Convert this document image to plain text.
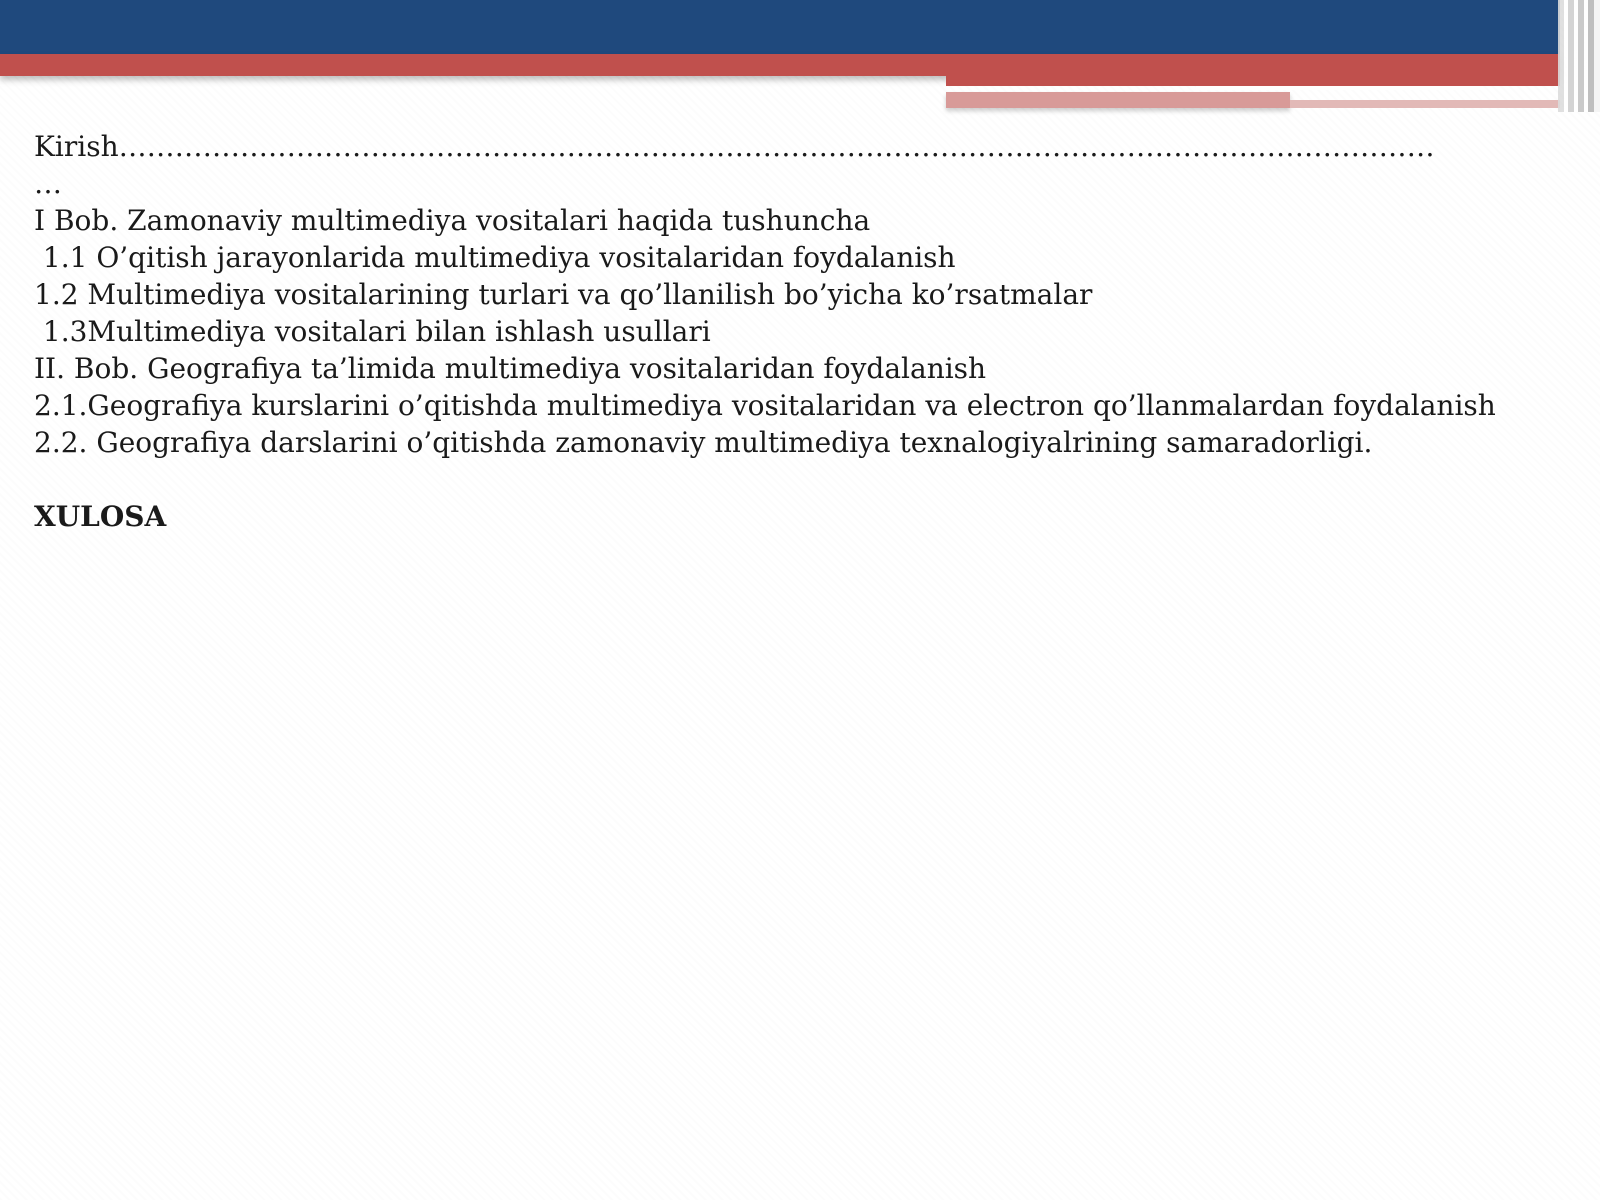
Kirish……………………………………………………………………………………………………………………………

…

I Bob. Zamonaviy multimediya vositalari haqida tushuncha

1.1 O’qitish jarayonlarida multimediya vositalaridan foydalanish

1.2 Multimediya vositalarining turlari va qo’llanilish bo’yicha ko’rsatmalar

1.3Multimediya vositalari bilan ishlash usullari

II. Bob. Geografiya ta’limida multimediya vositalaridan foydalanish

2.1.Geografiya kurslarini o’qitishda multimediya vositalaridan va electron qo’llanmalardan foydalanish

2.2. Geografiya darslarini o’qitishda zamonaviy multimediya texnalogiyalrining samaradorligi.

XULOSA
